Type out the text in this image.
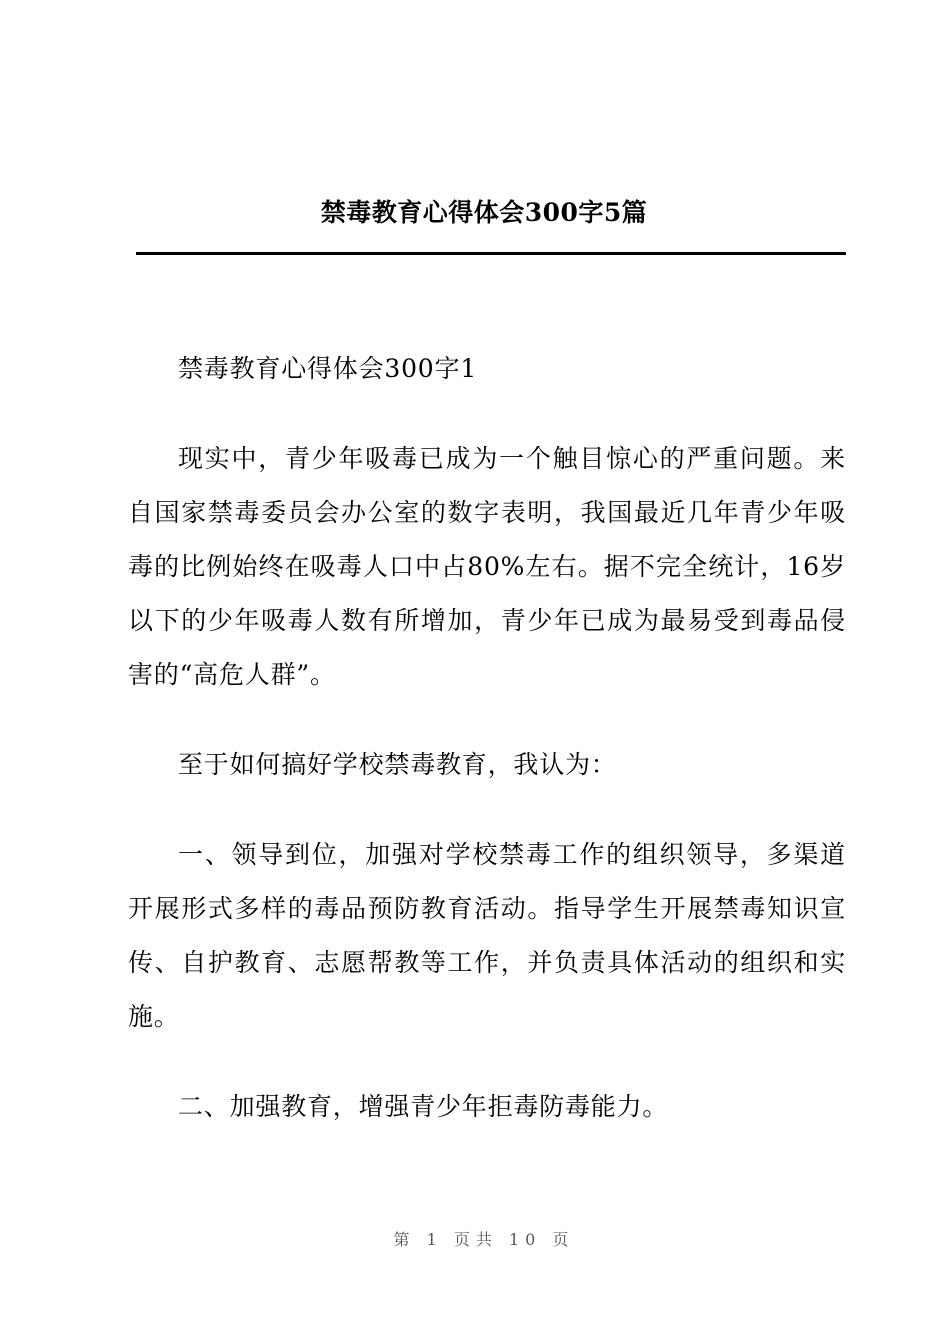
禁毒教育心得体会300字5篇

禁毒教育心得体会300字1

现实中，青少年吸毒已成为一个触目惊心的严重问题。来自国家禁毒委员会办公室的数字表明，我国最近几年青少年吸毒的比例始终在吸毒人口中占80%左右。据不完全统计，16岁以下的少年吸毒人数有所增加，青少年已成为最易受到毒品侵害的“高危人群”。

至于如何搞好学校禁毒教育，我认为：

一、领导到位，加强对学校禁毒工作的组织领导，多渠道开展形式多样的毒品预防教育活动。指导学生开展禁毒知识宣传、自护教育、志愿帮教等工作，并负责具体活动的组织和实施。

二、加强教育，增强青少年拒毒防毒能力。

第 1 页共 10 页
